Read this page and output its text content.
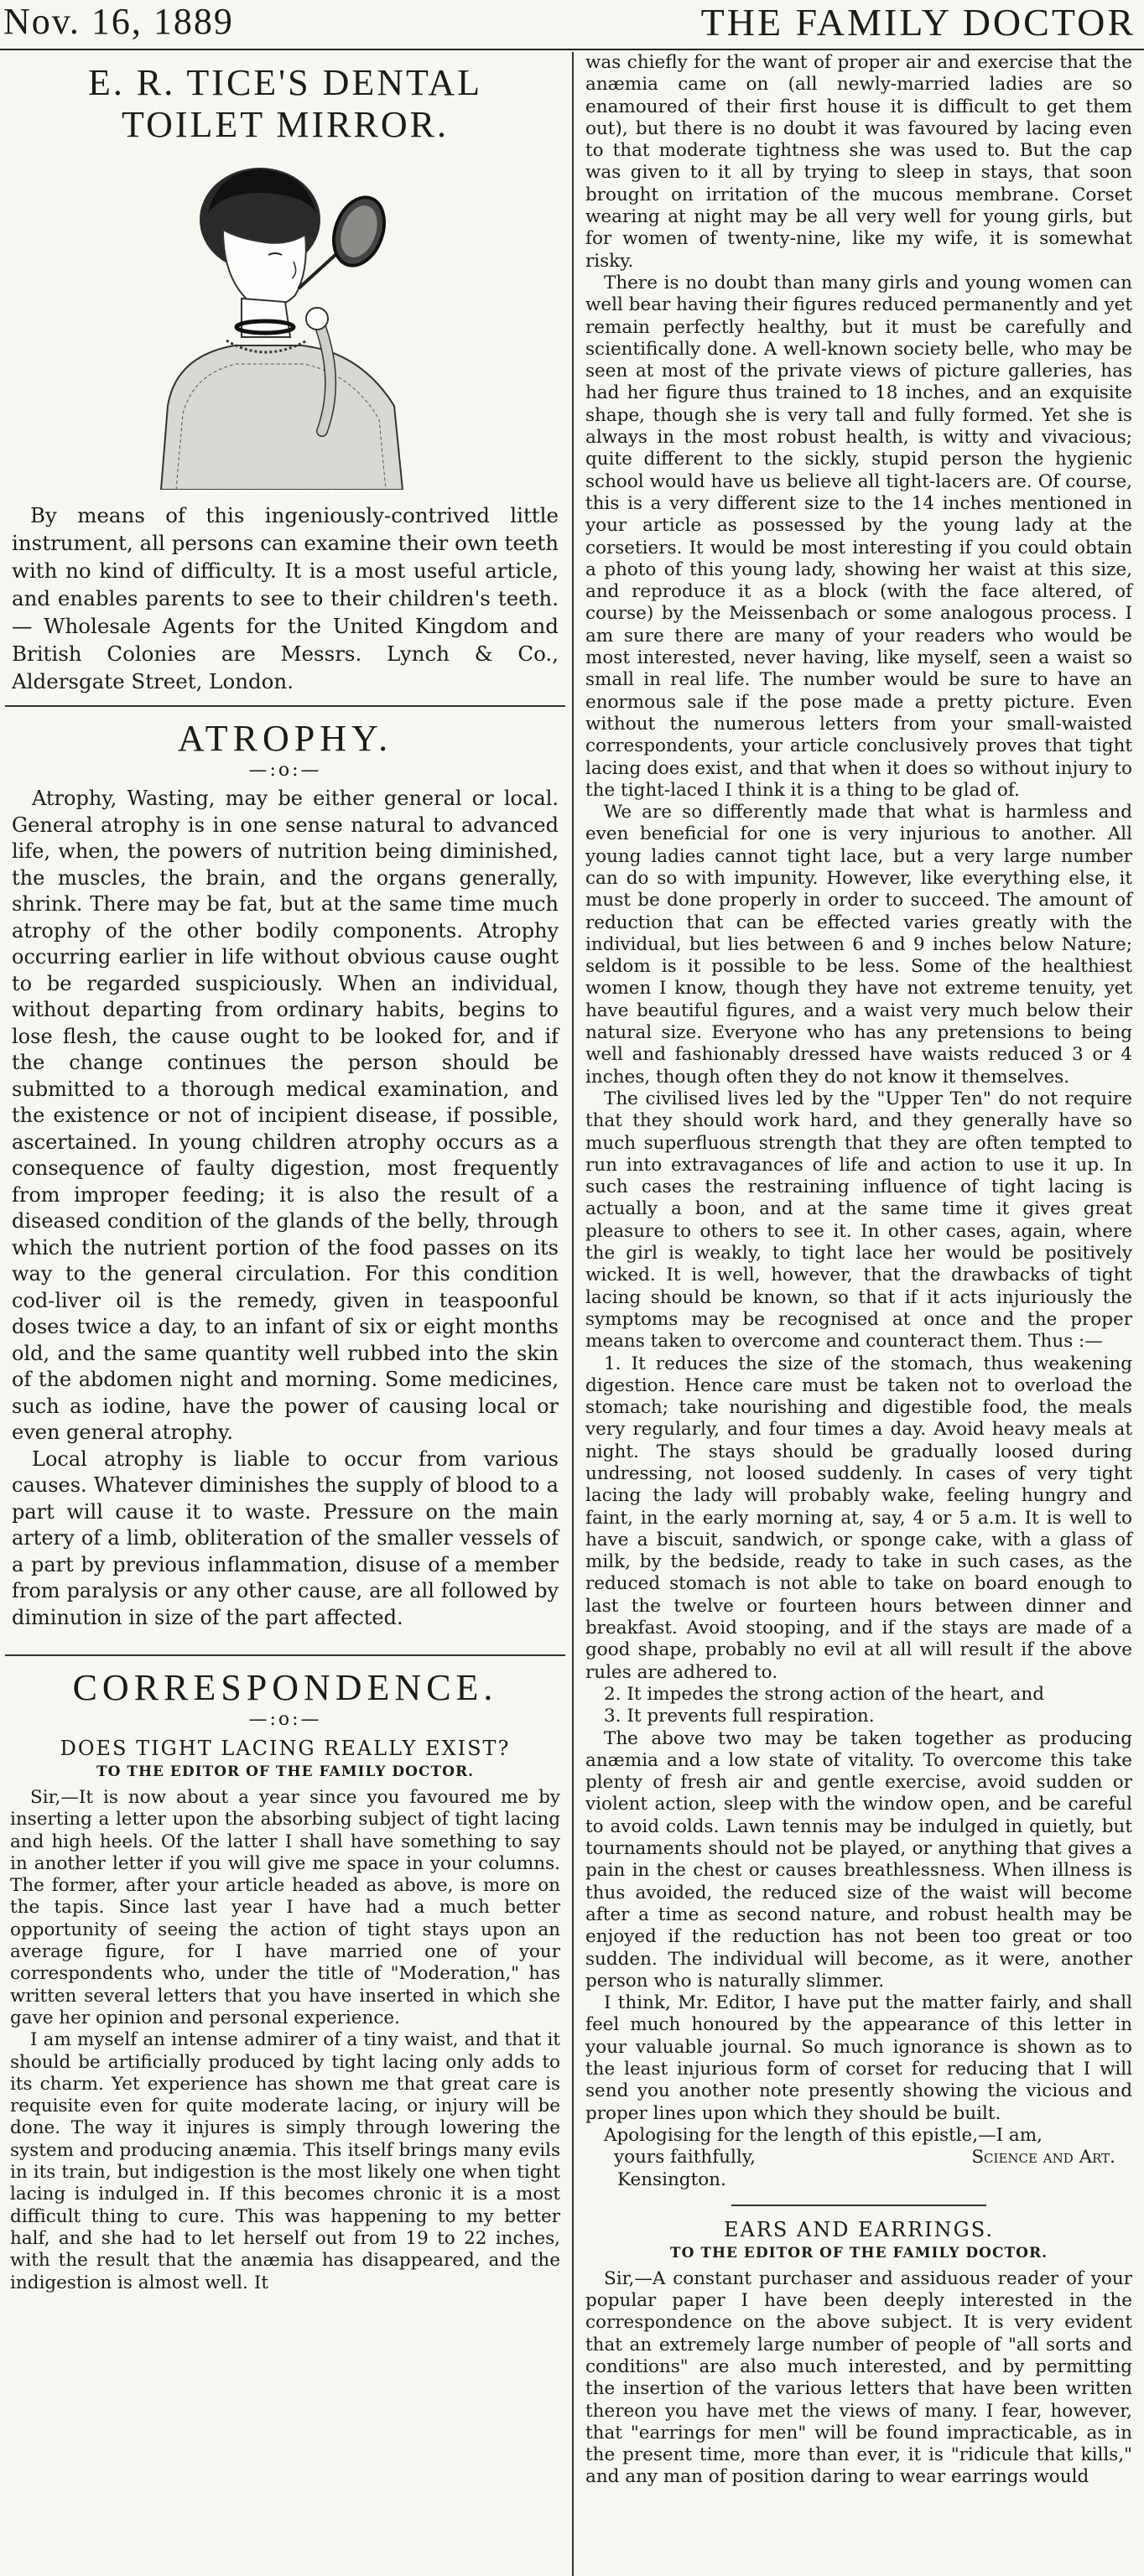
Nov. 16, 1889	THE FAMILY DOCTOR
E. R. TICE'S DENTAL TOILET MIRROR.

By means of this ingeniously-contrived little instrument, all persons can examine their own teeth with no kind of difficulty. It is a most useful article, and enables parents to see to their children's teeth. — Wholesale Agents for the United Kingdom and British Colonies are Messrs. Lynch & Co., Aldersgate Street, London.

ATROPHY.
—:o:—

Atrophy, Wasting, may be either general or local. General atrophy is in one sense natural to advanced life, when, the powers of nutrition being diminished, the muscles, the brain, and the organs generally, shrink. There may be fat, but at the same time much atrophy of the other bodily components. Atrophy occurring earlier in life without obvious cause ought to be regarded suspiciously. When an individual, without departing from ordinary habits, begins to lose flesh, the cause ought to be looked for, and if the change continues the person should be submitted to a thorough medical examination, and the existence or not of incipient disease, if possible, ascertained. In young children atrophy occurs as a consequence of faulty digestion, most frequently from improper feeding; it is also the result of a diseased condition of the glands of the belly, through which the nutrient portion of the food passes on its way to the general circulation. For this condition cod-liver oil is the remedy, given in teaspoonful doses twice a day, to an infant of six or eight months old, and the same quantity well rubbed into the skin of the abdomen night and morning. Some medicines, such as iodine, have the power of causing local or even general atrophy.

Local atrophy is liable to occur from various causes. Whatever diminishes the supply of blood to a part will cause it to waste. Pressure on the main artery of a limb, obliteration of the smaller vessels of a part by previous inflammation, disuse of a member from paralysis or any other cause, are all followed by diminution in size of the part affected.

CORRESPONDENCE.
—:o:—
DOES TIGHT LACING REALLY EXIST?
TO THE EDITOR OF THE FAMILY DOCTOR.

Sir,—It is now about a year since you favoured me by inserting a letter upon the absorbing subject of tight lacing and high heels. Of the latter I shall have something to say in another letter if you will give me space in your columns. The former, after your article headed as above, is more on the tapis. Since last year I have had a much better opportunity of seeing the action of tight stays upon an average figure, for I have married one of your correspondents who, under the title of "Moderation," has written several letters that you have inserted in which she gave her opinion and personal experience.

I am myself an intense admirer of a tiny waist, and that it should be artificially produced by tight lacing only adds to its charm. Yet experience has shown me that great care is requisite even for quite moderate lacing, or injury will be done. The way it injures is simply through lowering the system and producing anæmia. This itself brings many evils in its train, but indigestion is the most likely one when tight lacing is indulged in. If this becomes chronic it is a most difficult thing to cure. This was happening to my better half, and she had to let herself out from 19 to 22 inches, with the result that the anæmia has disappeared, and the indigestion is almost well. It

was chiefly for the want of proper air and exercise that the anæmia came on (all newly-married ladies are so enamoured of their first house it is difficult to get them out), but there is no doubt it was favoured by lacing even to that moderate tightness she was used to. But the cap was given to it all by trying to sleep in stays, that soon brought on irritation of the mucous membrane. Corset wearing at night may be all very well for young girls, but for women of twenty-nine, like my wife, it is somewhat risky.

There is no doubt than many girls and young women can well bear having their figures reduced permanently and yet remain perfectly healthy, but it must be carefully and scientifically done. A well-known society belle, who may be seen at most of the private views of picture galleries, has had her figure thus trained to 18 inches, and an exquisite shape, though she is very tall and fully formed. Yet she is always in the most robust health, is witty and vivacious; quite different to the sickly, stupid person the hygienic school would have us believe all tight-lacers are. Of course, this is a very different size to the 14 inches mentioned in your article as possessed by the young lady at the corsetiers. It would be most interesting if you could obtain a photo of this young lady, showing her waist at this size, and reproduce it as a block (with the face altered, of course) by the Meissenbach or some analogous process. I am sure there are many of your readers who would be most interested, never having, like myself, seen a waist so small in real life. The number would be sure to have an enormous sale if the pose made a pretty picture. Even without the numerous letters from your small-waisted correspondents, your article conclusively proves that tight lacing does exist, and that when it does so without injury to the tight-laced I think it is a thing to be glad of.

We are so differently made that what is harmless and even beneficial for one is very injurious to another. All young ladies cannot tight lace, but a very large number can do so with impunity. However, like everything else, it must be done properly in order to succeed. The amount of reduction that can be effected varies greatly with the individual, but lies between 6 and 9 inches below Nature; seldom is it possible to be less. Some of the healthiest women I know, though they have not extreme tenuity, yet have beautiful figures, and a waist very much below their natural size. Everyone who has any pretensions to being well and fashionably dressed have waists reduced 3 or 4 inches, though often they do not know it themselves.

The civilised lives led by the "Upper Ten" do not require that they should work hard, and they generally have so much superfluous strength that they are often tempted to run into extravagances of life and action to use it up. In such cases the restraining influence of tight lacing is actually a boon, and at the same time it gives great pleasure to others to see it. In other cases, again, where the girl is weakly, to tight lace her would be positively wicked. It is well, however, that the drawbacks of tight lacing should be known, so that if it acts injuriously the symptoms may be recognised at once and the proper means taken to overcome and counteract them. Thus :—

1. It reduces the size of the stomach, thus weakening digestion. Hence care must be taken not to overload the stomach; take nourishing and digestible food, the meals very regularly, and four times a day. Avoid heavy meals at night. The stays should be gradually loosed during undressing, not loosed suddenly. In cases of very tight lacing the lady will probably wake, feeling hungry and faint, in the early morning at, say, 4 or 5 a.m. It is well to have a biscuit, sandwich, or sponge cake, with a glass of milk, by the bedside, ready to take in such cases, as the reduced stomach is not able to take on board enough to last the twelve or fourteen hours between dinner and breakfast. Avoid stooping, and if the stays are made of a good shape, probably no evil at all will result if the above rules are adhered to.

2. It impedes the strong action of the heart, and

3. It prevents full respiration.

The above two may be taken together as producing anæmia and a low state of vitality. To overcome this take plenty of fresh air and gentle exercise, avoid sudden or violent action, sleep with the window open, and be careful to avoid colds. Lawn tennis may be indulged in quietly, but tournaments should not be played, or anything that gives a pain in the chest or causes breathlessness. When illness is thus avoided, the reduced size of the waist will become after a time as second nature, and robust health may be enjoyed if the reduction has not been too great or too sudden. The individual will become, as it were, another person who is naturally slimmer.

I think, Mr. Editor, I have put the matter fairly, and shall feel much honoured by the appearance of this letter in your valuable journal. So much ignorance is shown as to the least injurious form of corset for reducing that I will send you another note presently showing the vicious and proper lines upon which they should be built.

Apologising for the length of this epistle,—I am,

yours faithfully,	Science and Art.
Kensington.
EARS AND EARRINGS.
TO THE EDITOR OF THE FAMILY DOCTOR.

Sir,—A constant purchaser and assiduous reader of your popular paper I have been deeply interested in the correspondence on the above subject. It is very evident that an extremely large number of people of "all sorts and conditions" are also much interested, and by permitting the insertion of the various letters that have been written thereon you have met the views of many. I fear, however, that "earrings for men" will be found impracticable, as in the present time, more than ever, it is "ridicule that kills," and any man of position daring to wear earrings would
